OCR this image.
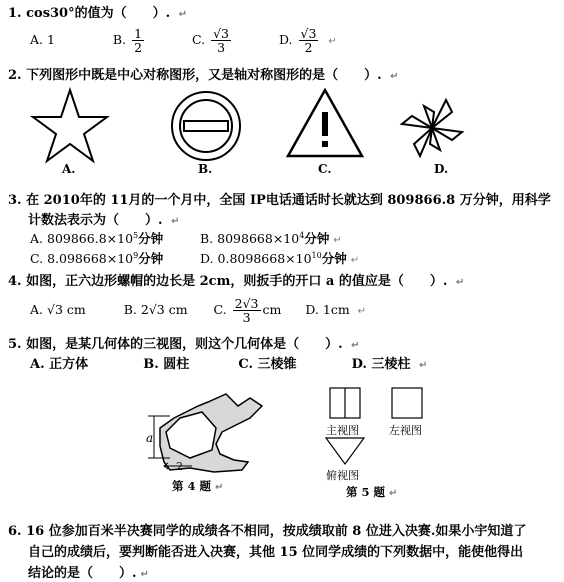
1. cos30°的值为（　　）. ↵
A. 1	B. $\frac{1}{2}$	C. $\frac{√3}{3}$	D. $\frac{√3}{2}$ ↵
2. 下列图形中既是中心对称图形，又是轴对称图形的是（　　）. ↵
A.	B.	C.	D.
3. 在 2010年的 11月的一个月中，全国 IP电话通话时长就达到 809866.8 万分钟，用科学
计数法表示为（　　）. ↵
A. $809866.8\times 10^5$分钟	B. $8098668\times 10^4$分钟 ↵
C. $8.098668\times 10^9$分钟	D. $0.8098668\times 10^{10}$分钟 ↵
4. 如图，正六边形螺帽的边长是 2cm，则扳手的开口 a 的值应是（　　）. ↵
A. √3 cm	B. 2√3 cm C. $\frac{2√3}{3}$ cm D. 1cm ↵
5. 如图，是某几何体的三视图，则这个几何体是（　　）. ↵
A. 正方体	B. 圆柱	C. 三棱锥	D. 三棱柱 ↵
a
2
第 4 题 ↵
主视图	左视图
俯视图
第 5 题 ↵
6. 16 位参加百米半决赛同学的成绩各不相同，按成绩取前 8 位进入决赛.如果小宇知道了
自己的成绩后，要判断能否进入决赛，其他 15 位同学成绩的下列数据中，能使他得出
结论的是（　　）. ↵
